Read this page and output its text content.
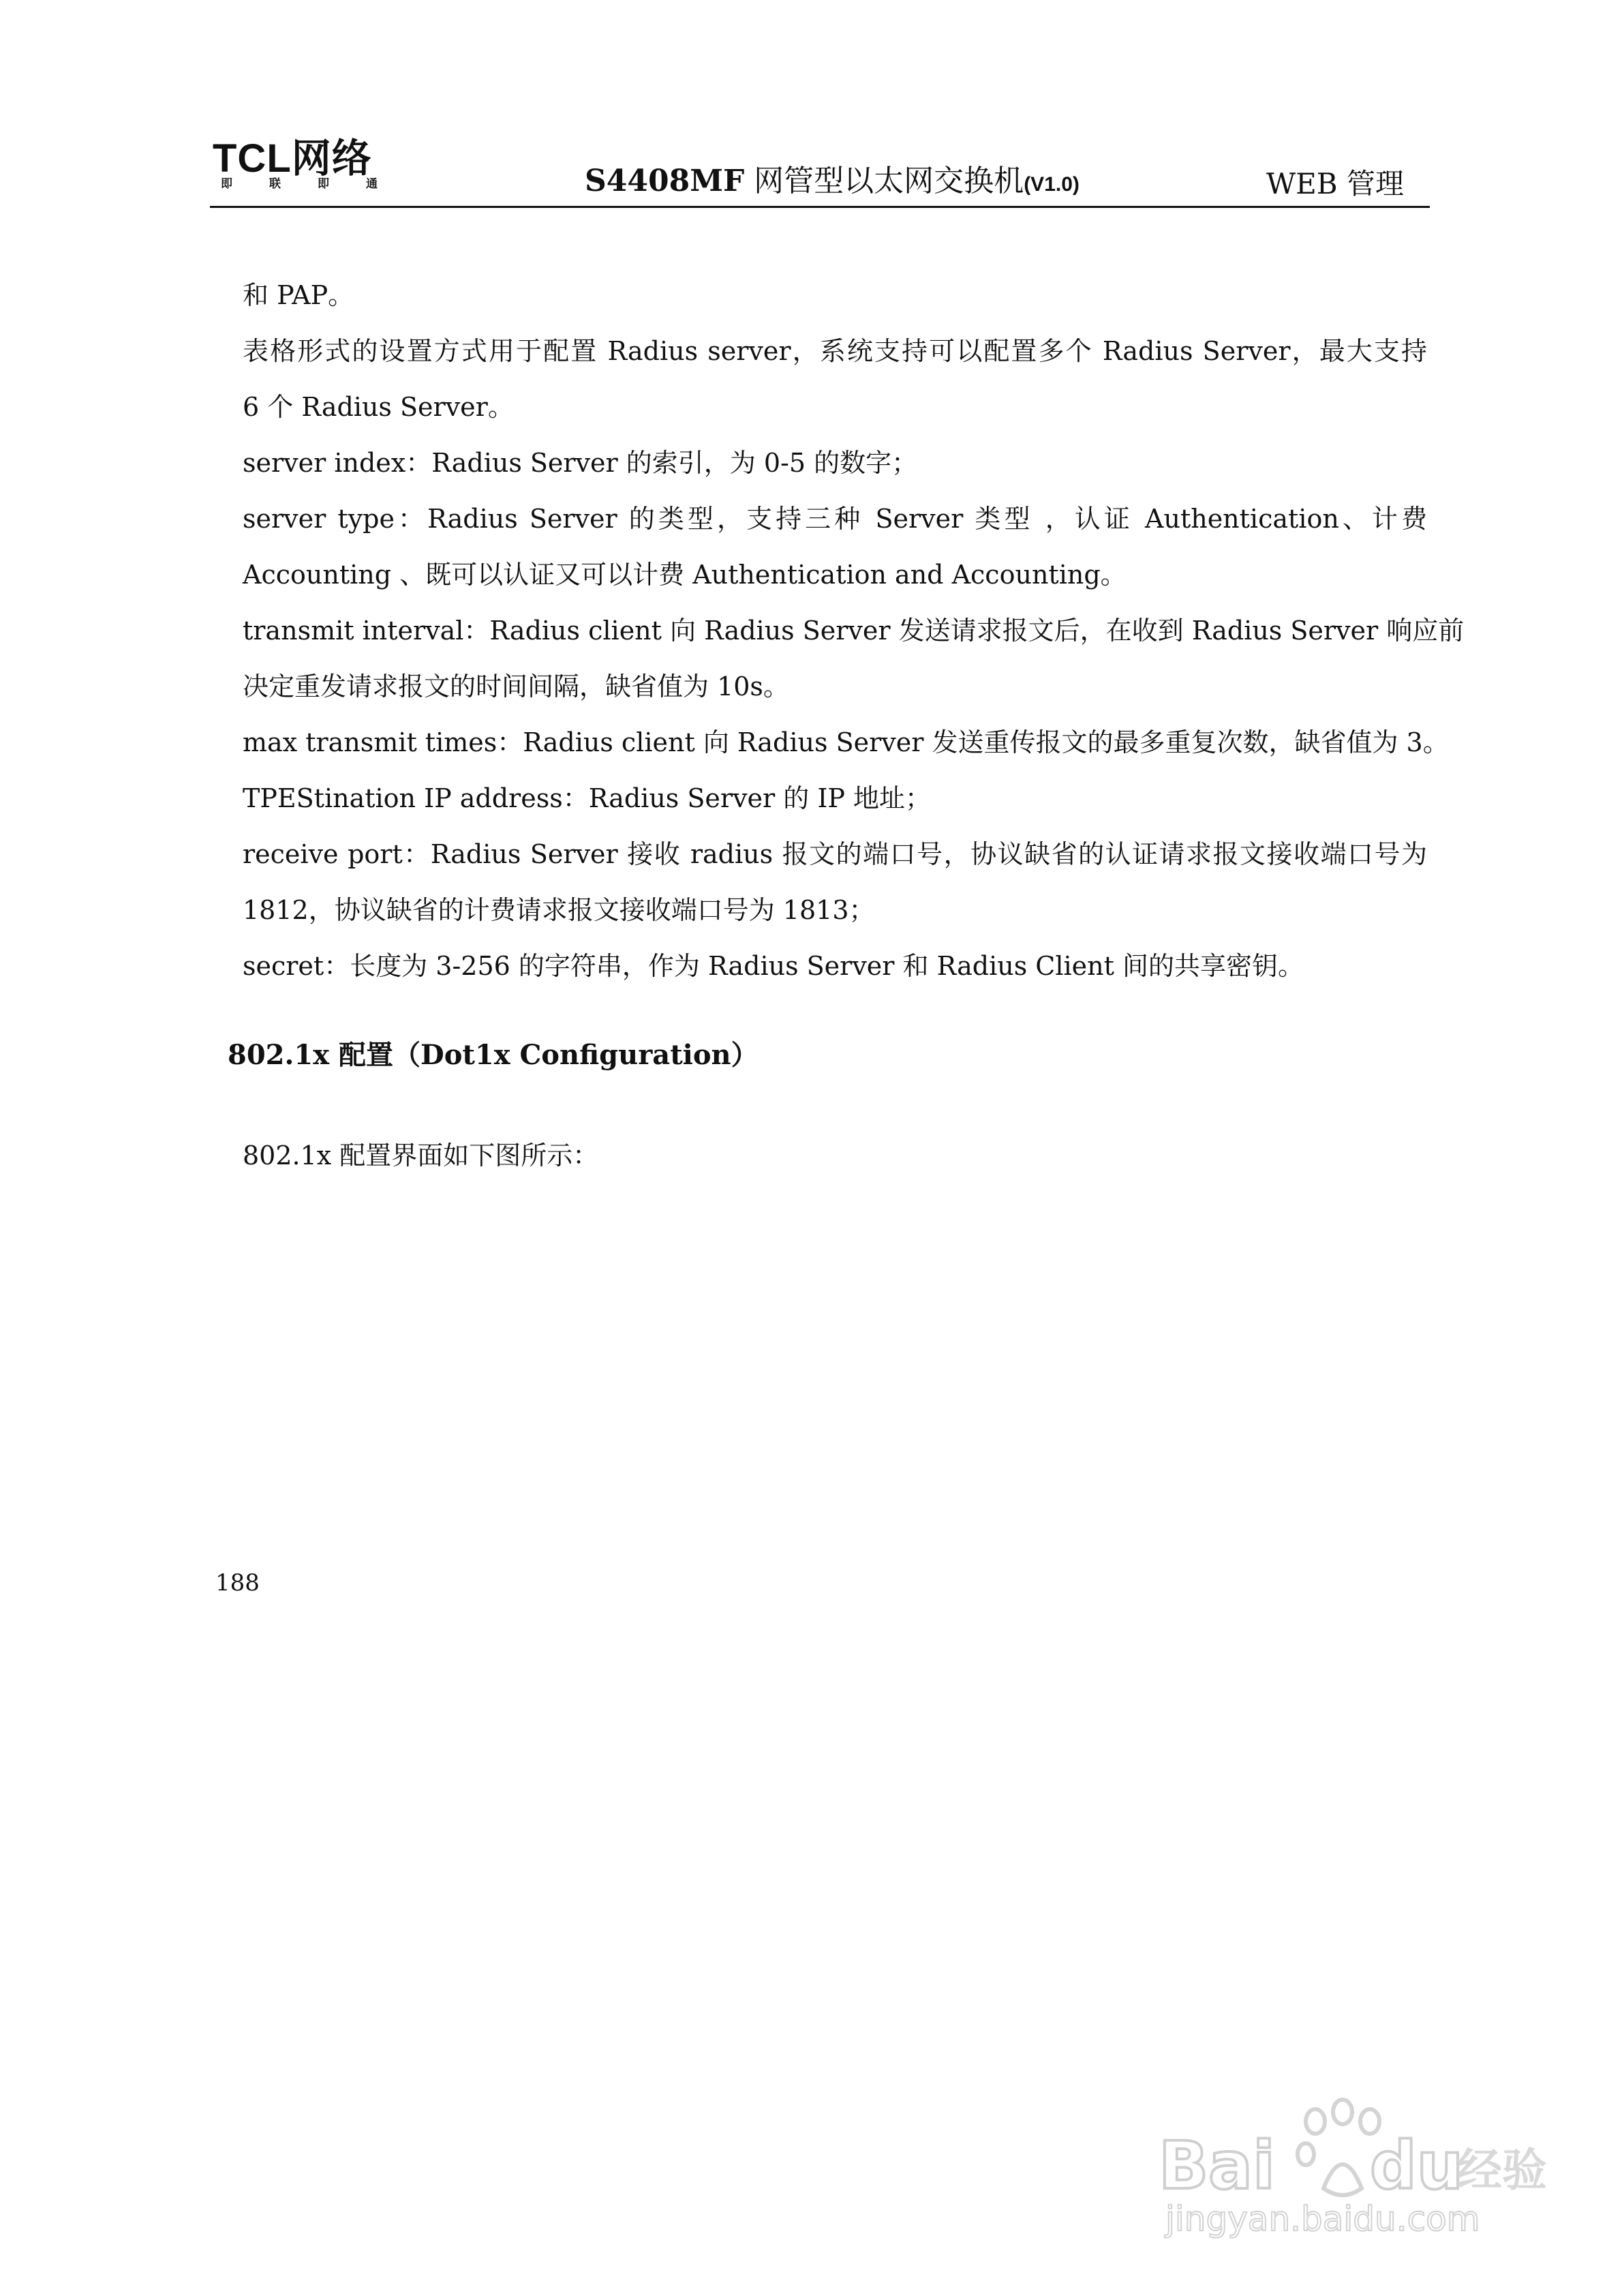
TCL网络
即	联	即	通	S4408MF 网管型以太网交换机(V1.0)	WEB 管理

和 PAP。

表格形式的设置方式用于配置 Radius server，系统支持可以配置多个 Radius Server，最大支持

6 个 Radius Server。

server index：Radius Server 的索引，为 0-5 的数字；

server type：Radius Server 的类型，支持三种 Server 类型 ，认证 Authentication、计费

Accounting 、既可以认证又可以计费 Authentication and Accounting。

transmit interval：Radius client 向 Radius Server 发送请求报文后，在收到 Radius Server 响应前

决定重发请求报文的时间间隔，缺省值为 10s。

max transmit times：Radius client 向 Radius Server 发送重传报文的最多重复次数，缺省值为 3。

TPEStination IP address：Radius Server 的 IP 地址；

receive port：Radius Server 接收 radius 报文的端口号，协议缺省的认证请求报文接收端口号为

1812，协议缺省的计费请求报文接收端口号为 1813；

secret：长度为 3-256 的字符串，作为 Radius Server 和 Radius Client 间的共享密钥。

802.1x 配置（Dot1x Configuration）

802.1x 配置界面如下图所示：

188
Bai du
经验
jingyan.baidu.com
